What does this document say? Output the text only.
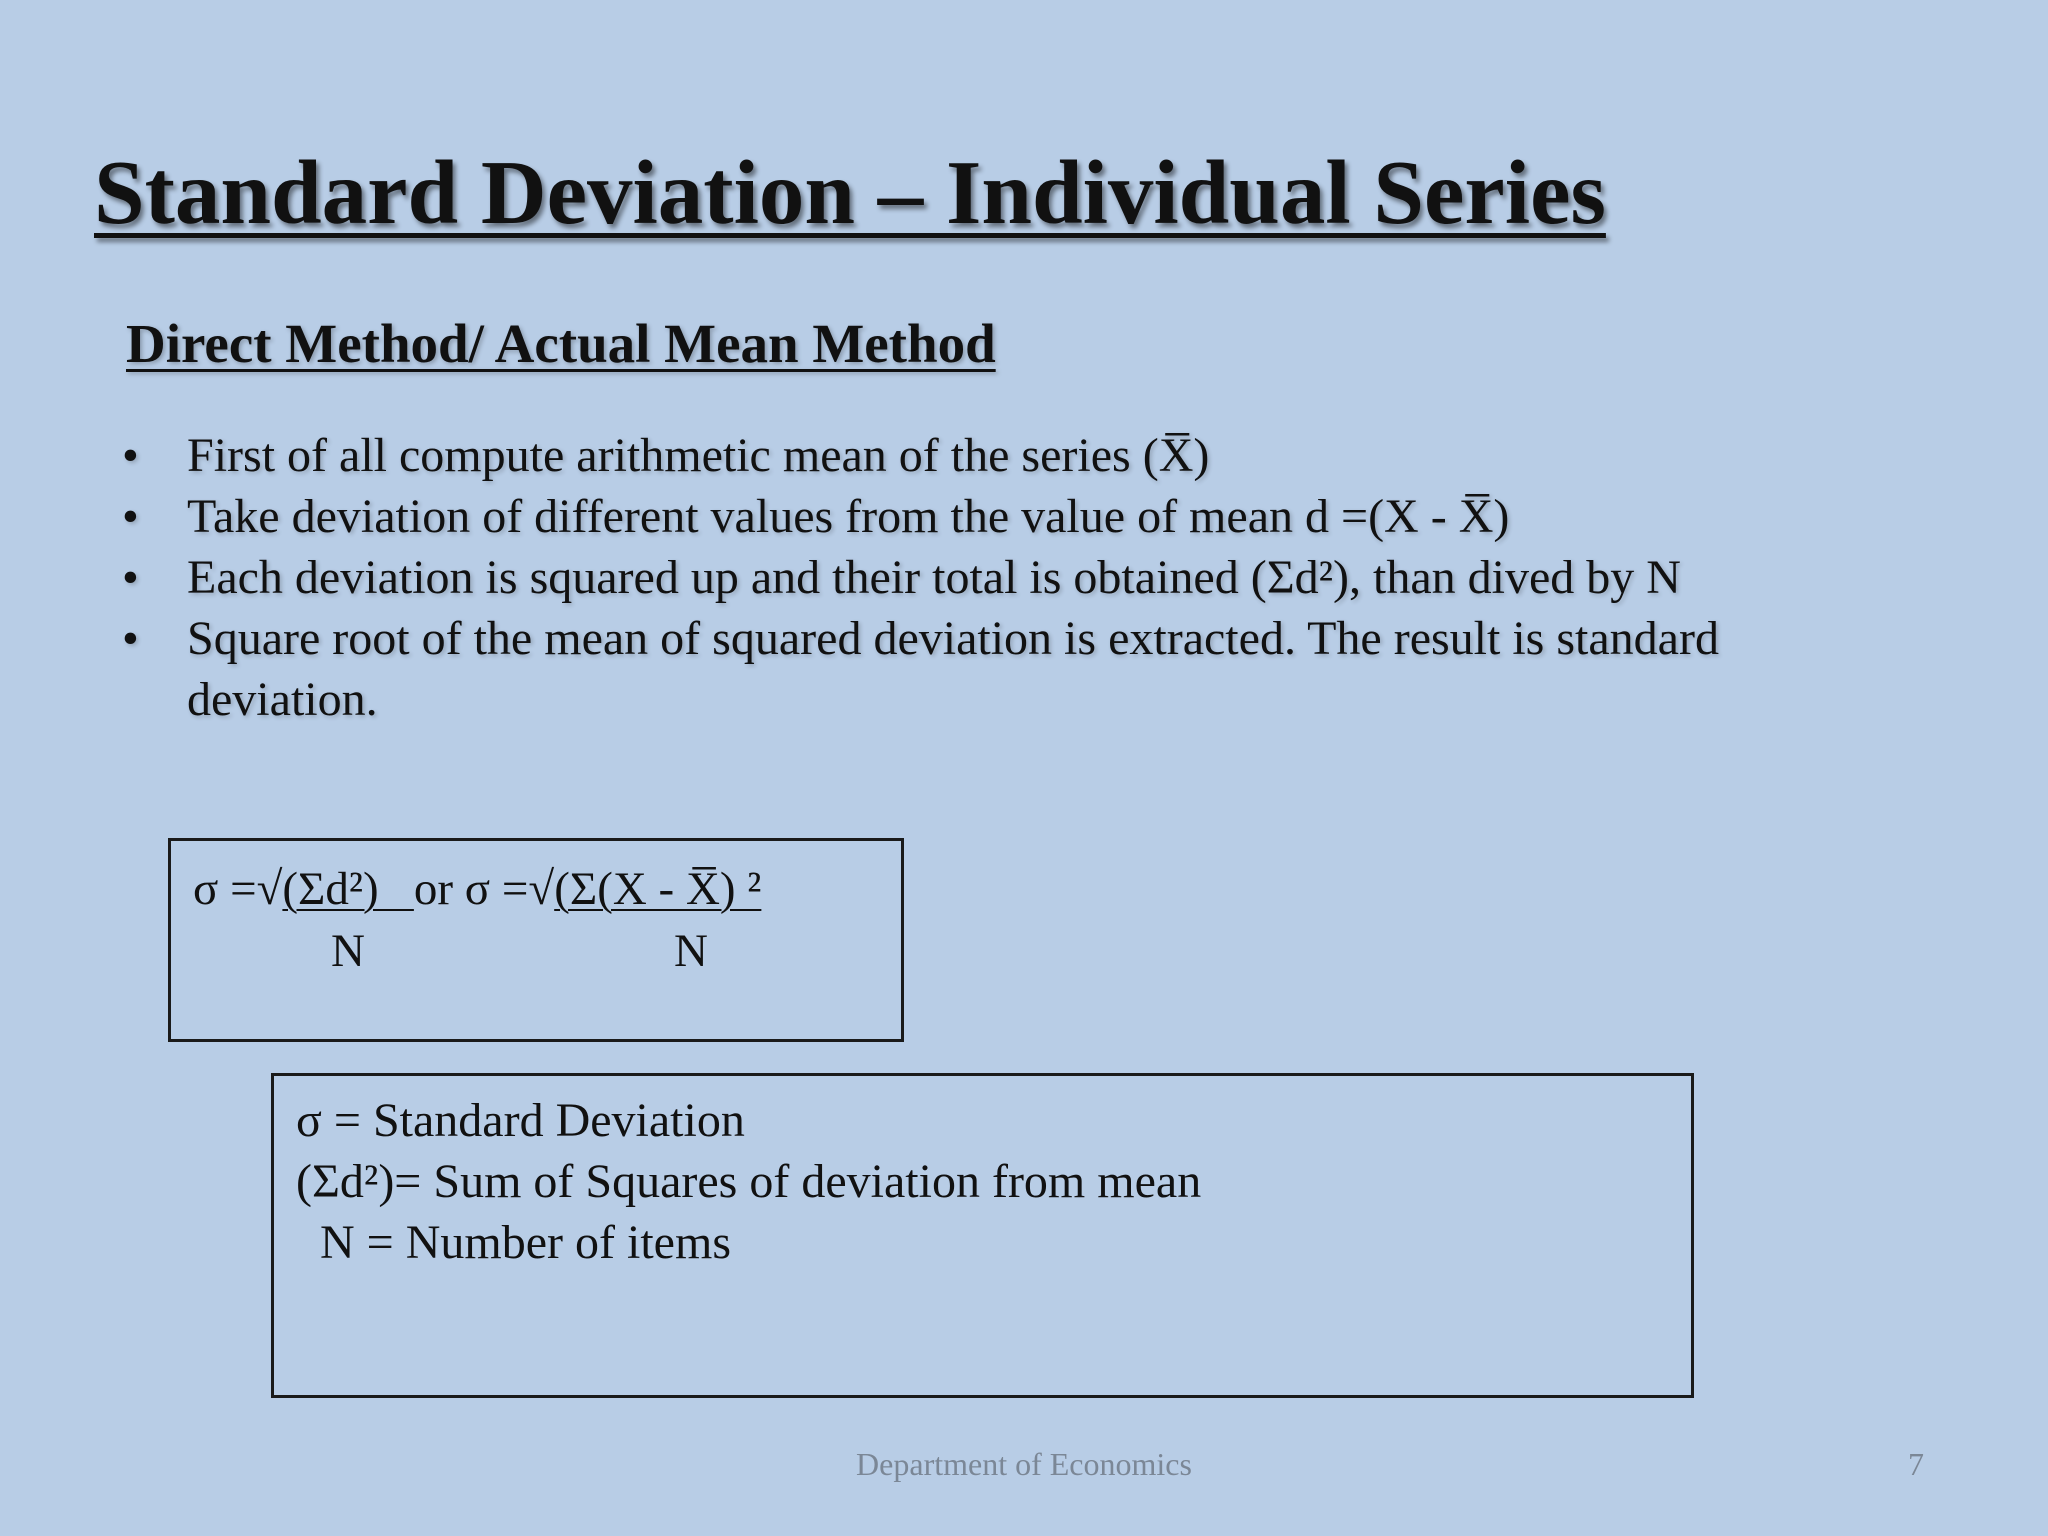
Standard Deviation – Individual Series
Direct Method/ Actual Mean Method
• First of all compute arithmetic mean of the series (X̅)
• Take deviation of different values from the value of mean d =(X - X̅)
• Each deviation is squared up and their total is obtained (Σd²), than dived by N
• Square root of the mean of squared deviation is extracted. The result is standard deviation.
σ =√(Σd²)   or σ =√(Σ(X - X̅) ²
N	N
σ = Standard Deviation
(Σd²)= Sum of Squares of deviation from mean
N = Number of items
Department of Economics	7
